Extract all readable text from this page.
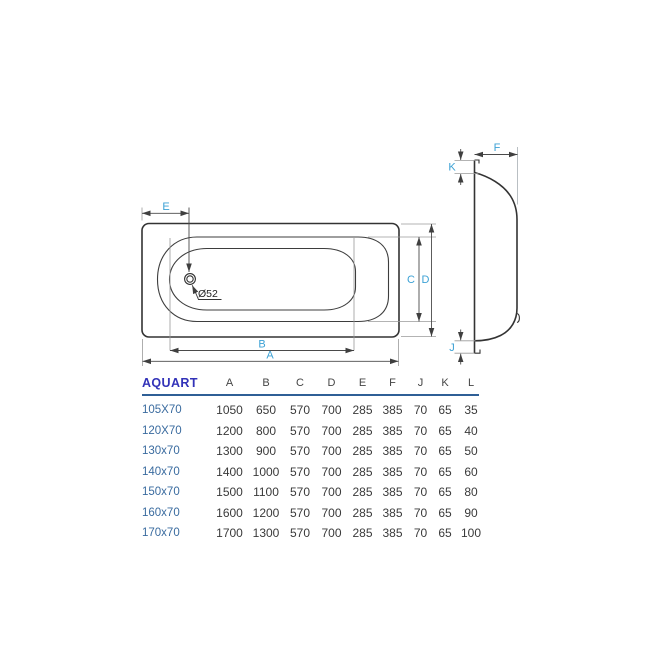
E
Ø52
C D
B
A
F
K
J
AQUART	A	B	C	D	E	F	J	K	L
105X70	1050	650	570 700 285 385 70 65	35
120X70	1200	800	570 700 285 385 70 65	40
130x70	1300	900	570 700 285 385 70 65	50
140x70	1400 1000 570 700 285 385 70 65	60
150x70	1500 1100 570 700 285 385 70 65	80
160x70	1600 1200 570 700 285 385 70 65	90
170x70	1700 1300 570 700 285 385 70 65 100
